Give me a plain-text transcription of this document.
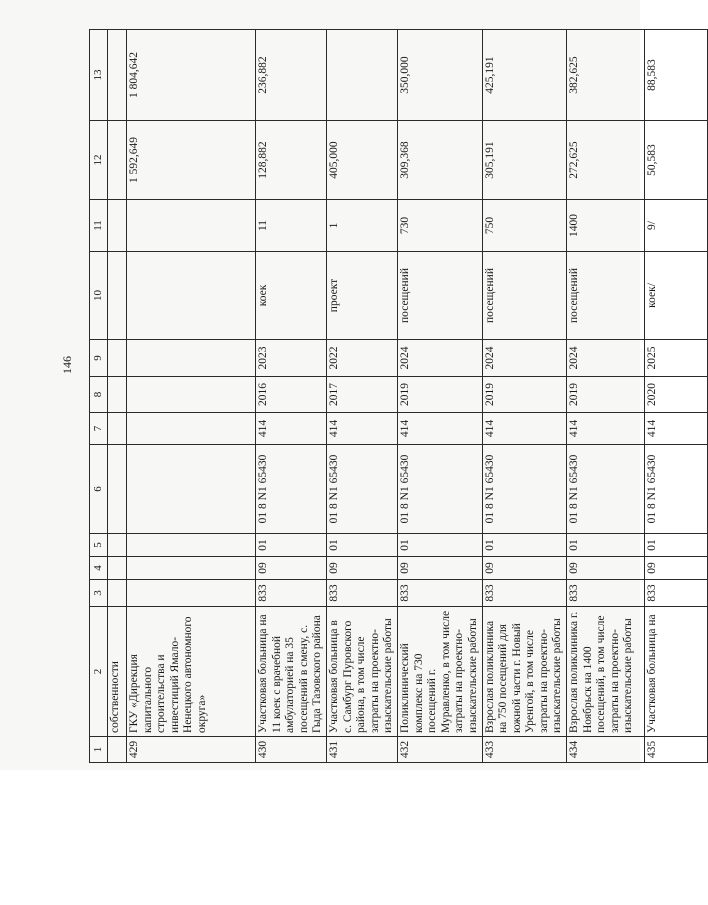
146
1	2	3	4	5	6	7	8	9	10	11	12	13
	собственности											
429	ГКУ «Дирекция капитального строительства и инвестиций Ямало-Ненецкого автономного округа»										1 592,649	1 804,642
430	Участковая больница на 11 коек с врачебной амбулаторией на 35 посещений в смену, с. Гыда Тазовского района	833	09	01	01 8 N1 65430	414	2016	2023	коек	11	128,882	236,882
431	Участковая больница в с. Самбург Пуровского района, в том числе затраты на проектно-изыскательские работы	833	09	01	01 8 N1 65430	414	2017	2022	проект	1	405,000	
432	Поликлинический комплекс на 730 посещений г. Муравленко, в том числе затраты на проектно-изыскательские работы	833	09	01	01 8 N1 65430	414	2019	2024	посещений	730	309,368	350,000
433	Взрослая поликлиника на 750 посещений для южной части г. Новый Уренгой, в том числе затраты на проектно-изыскательские работы	833	09	01	01 8 N1 65430	414	2019	2024	посещений	750	305,191	425,191
434	Взрослая поликлиника г. Ноябрьск на 1400 посещений, в том числе затраты на проектно-изыскательские работы	833	09	01	01 8 N1 65430	414	2019	2024	посещений	1400	272,625	382,625
435	Участковая больница на	833	09	01	01 8 N1 65430	414	2020	2025	коек/	9/	50,583	88,583
